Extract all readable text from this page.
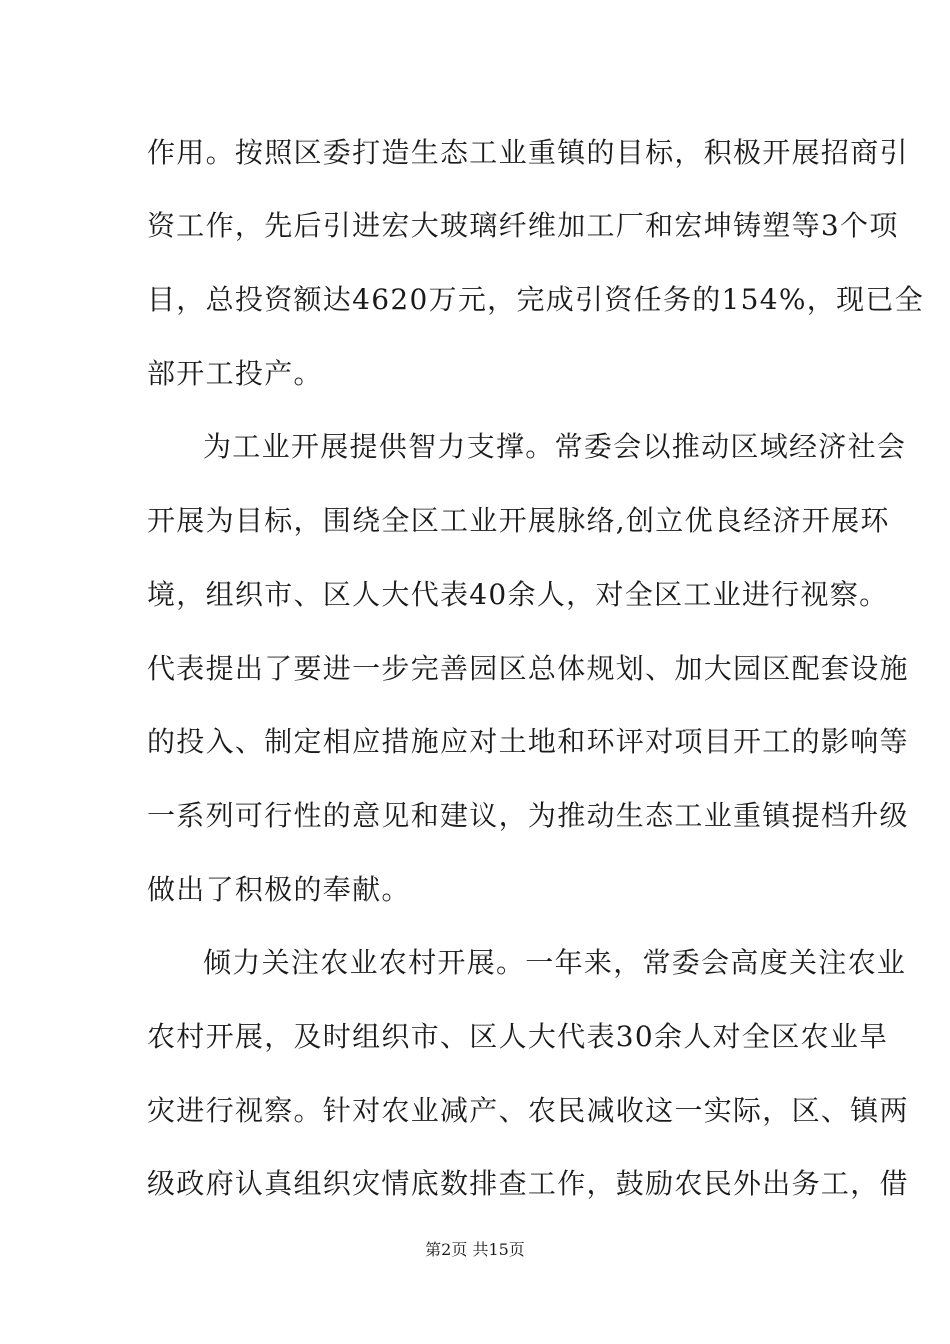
作用。按照区委打造生态工业重镇的目标，积极开展招商引
资工作，先后引进宏大玻璃纤维加工厂和宏坤铸塑等3个项
目，总投资额达4620万元，完成引资任务的154%，现已全
部开工投产。
为工业开展提供智力支撑。常委会以推动区域经济社会
开展为目标，围绕全区工业开展脉络,创立优良经济开展环
境，组织市、区人大代表40余人，对全区工业进行视察。
代表提出了要进一步完善园区总体规划、加大园区配套设施
的投入、制定相应措施应对土地和环评对项目开工的影响等
一系列可行性的意见和建议，为推动生态工业重镇提档升级
做出了积极的奉献。
倾力关注农业农村开展。一年来，常委会高度关注农业
农村开展，及时组织市、区人大代表30余人对全区农业旱
灾进行视察。针对农业减产、农民减收这一实际，区、镇两
级政府认真组织灾情底数排查工作，鼓励农民外出务工，借
第2页 共15页
